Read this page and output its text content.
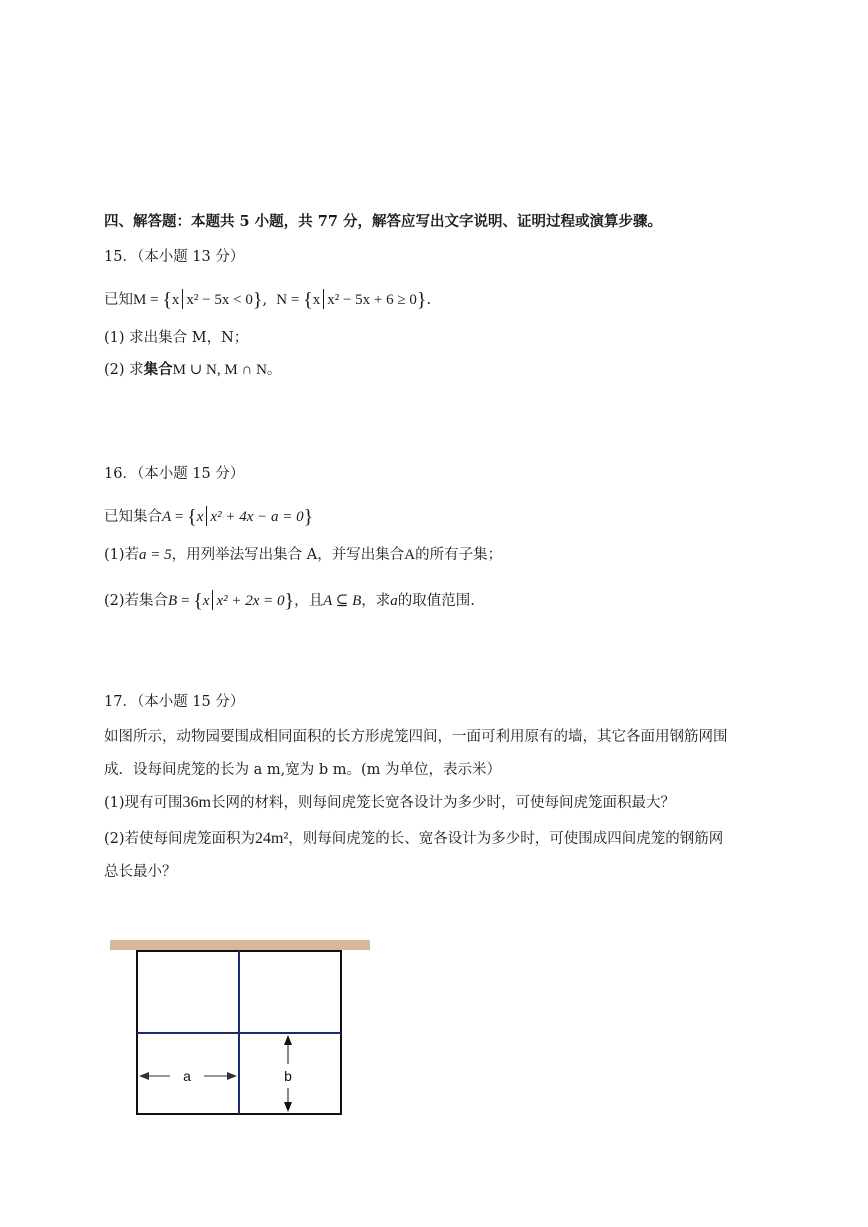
四、解答题：本题共 5 小题，共 77 分，解答应写出文字说明、证明过程或演算步骤。
15．（本小题 13 分）
已知M = {x x² − 5x < 0},  N = {x x² − 5x + 6 ≥ 0}.
(1) 求出集合 M，N；
(2) 求集合M ∪ N, M ∩ N。
16．（本小题 15 分）
已知集合A = {x x² + 4x − a = 0}
(1)若a = 5，用列举法写出集合 A，并写出集合A的所有子集；
(2)若集合B = {x x² + 2x = 0}，且A ⊆ B，求a的取值范围.
17．（本小题 15 分）
如图所示，动物园要围成相同面积的长方形虎笼四间，一面可利用原有的墙，其它各面用钢筋网围
成．设每间虎笼的长为 a m,宽为 b m。(m 为单位，表示米）
(1)现有可围36m长网的材料，则每间虎笼长宽各设计为多少时，可使每间虎笼面积最大？
(2)若使每间虎笼面积为24m²，则每间虎笼的长、宽各设计为多少时，可使围成四间虎笼的钢筋网
总长最小？
a	b
